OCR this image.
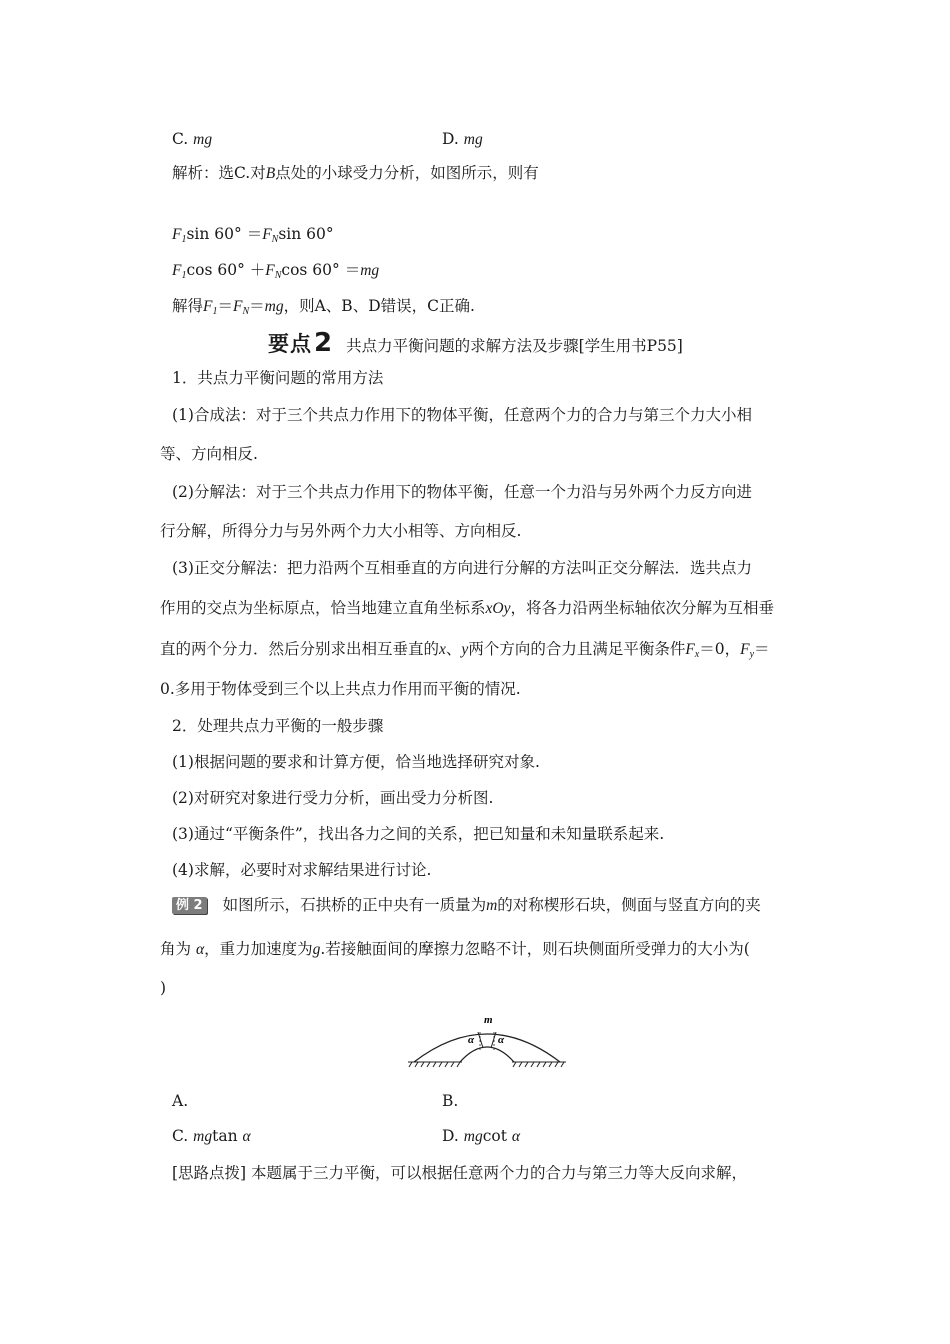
C. mg	D. mg
解析：选C.对B点处的小球受力分析，如图所示，则有
$F_1\sin$ $60^\circ =F_N\sin$ 60°
$F_1\cos$ $60^\circ +F_N\cos$ 60° ＝mg
解得$F_1=F_N=mg$，则A、B、D错误，C正确.
要点2 共点力平衡问题的求解方法及步骤[学生用书P55]
1．共点力平衡问题的常用方法
(1)合成法：对于三个共点力作用下的物体平衡，任意两个力的合力与第三个力大小相
等、方向相反.
(2)分解法：对于三个共点力作用下的物体平衡，任意一个力沿与另外两个力反方向进
行分解，所得分力与另外两个力大小相等、方向相反.
(3)正交分解法：把力沿两个互相垂直的方向进行分解的方法叫正交分解法．选共点力
作用的交点为坐标原点，恰当地建立直角坐标系xOy，将各力沿两坐标轴依次分解为互相垂
直的两个分力．然后分别求出相互垂直的x、y两个方向的合力且满足平衡条件$F_x=0$，$F_y=$
0.多用于物体受到三个以上共点力作用而平衡的情况.
2．处理共点力平衡的一般步骤
(1)根据问题的要求和计算方便，恰当地选择研究对象.
(2)对研究对象进行受力分析，画出受力分析图.
(3)通过“平衡条件”，找出各力之间的关系，把已知量和未知量联系起来.
(4)求解，必要时对求解结果进行讨论.
例 2 如图所示，石拱桥的正中央有一质量为m的对称楔形石块，侧面与竖直方向的夹
角为 α，重力加速度为g.若接触面间的摩擦力忽略不计，则石块侧面所受弹力的大小为(
)
m
α α
A.	B.
C. mgtan α	D. mgcot α
[思路点拨] 本题属于三力平衡，可以根据任意两个力的合力与第三力等大反向求解，
